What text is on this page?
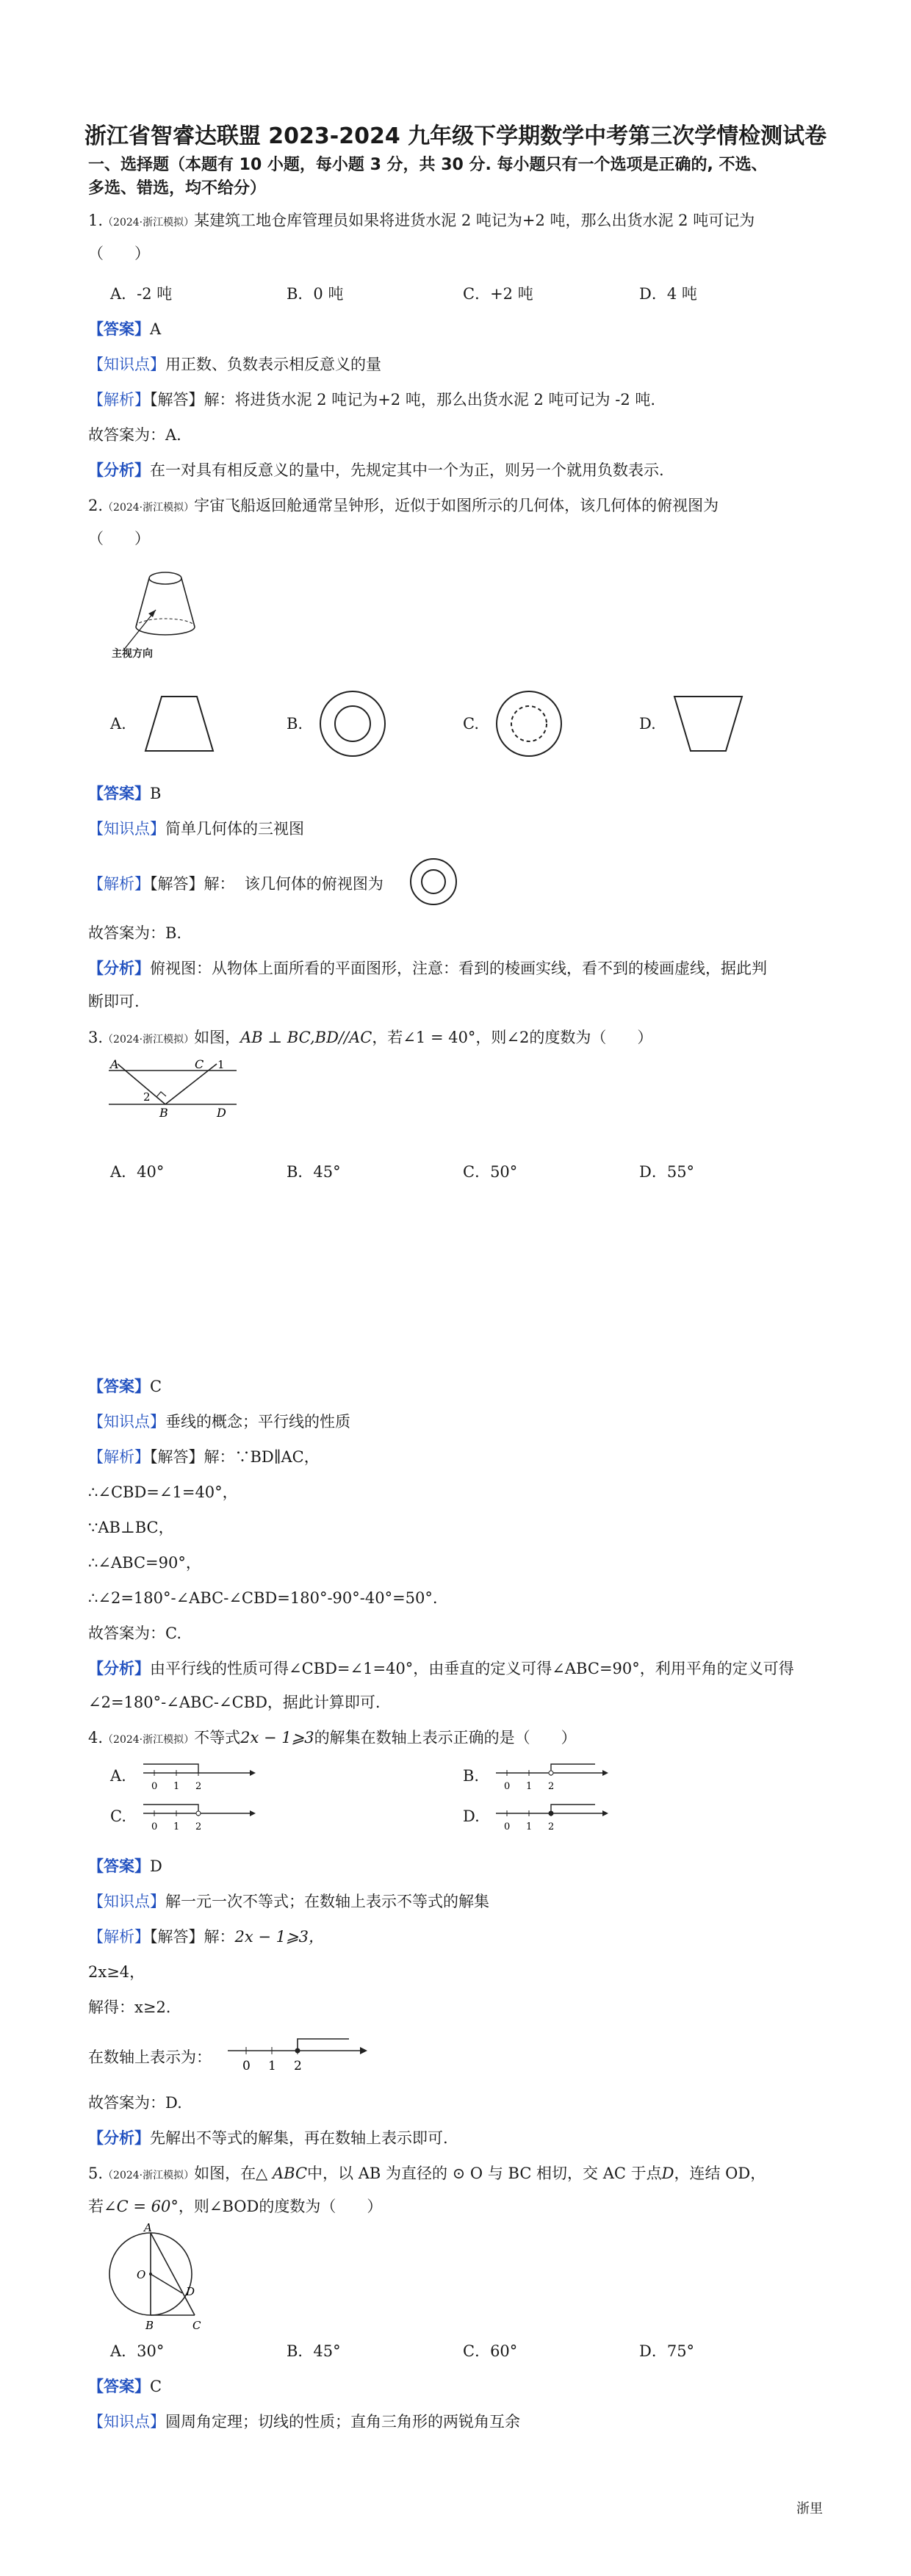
浙江省智睿达联盟 2023-2024 九年级下学期数学中考第三次学情检测试卷
一、选择题（本题有 10 小题，每小题 3 分，共 30 分. 每小题只有一个选项是正确的, 不选、
多选、错选，均不给分）
1.（2024·浙江模拟）某建筑工地仓库管理员如果将进货水泥 2 吨记为+2 吨，那么出货水泥 2 吨可记为
（　　）
A．-2 吨	B．0 吨	C．+2 吨	D．4 吨
【答案】A
【知识点】用正数、负数表示相反意义的量
【解析】【解答】解：将进货水泥 2 吨记为+2 吨，那么出货水泥 2 吨可记为 -2 吨.
故答案为：A.
【分析】在一对具有相反意义的量中，先规定其中一个为正，则另一个就用负数表示.
2.（2024·浙江模拟）宇宙飞船返回舱通常呈钟形，近似于如图所示的几何体，该几何体的俯视图为
（　　）
主视方向
A.	B.	C.	D.
【答案】B
【知识点】简单几何体的三视图
【解析】【解答】解： 该几何体的俯视图为
故答案为：B.
【分析】俯视图：从物体上面所看的平面图形，注意：看到的棱画实线，看不到的棱画虚线，据此判
断即可.
3.（2024·浙江模拟）如图，AB ⊥ BC,BD//AC，若∠1 = 40°，则∠2的度数为（　　）
A	C 1
2
B	D
A．40°	B．45°	C．50°	D．55°
【答案】C
【知识点】垂线的概念；平行线的性质
【解析】【解答】解：∵BD∥AC，
∴∠CBD=∠1=40°，
∵AB⊥BC，
∴∠ABC=90°，
∴∠2=180°-∠ABC-∠CBD=180°-90°-40°=50°.
故答案为：C.
【分析】由平行线的性质可得∠CBD=∠1=40°，由垂直的定义可得∠ABC=90°，利用平角的定义可得
∠2=180°-∠ABC-∠CBD，据此计算即可.
4.（2024·浙江模拟）不等式2x − 1⩾3的解集在数轴上表示正确的是（　　）
A.
0 1 2
B.
0 1 2
C.
0 1 2
D.
0 1 2
【答案】D
【知识点】解一元一次不等式；在数轴上表示不等式的解集
【解析】【解答】解：2x − 1⩾3，
2x≥4，
解得：x≥2.
在数轴上表示为： 0 1 2
故答案为：D.
【分析】先解出不等式的解集，再在数轴上表示即可.
5.（2024·浙江模拟）如图，在△ ABC中，以 AB 为直径的 ⊙ O 与 BC 相切，交 AC 于点D，连结 OD，
若∠C = 60°，则∠BOD的度数为（　　）
A
O
D
B	C
A．30°	B．45°	C．60°	D．75°
【答案】C
【知识点】圆周角定理；切线的性质；直角三角形的两锐角互余
浙里
